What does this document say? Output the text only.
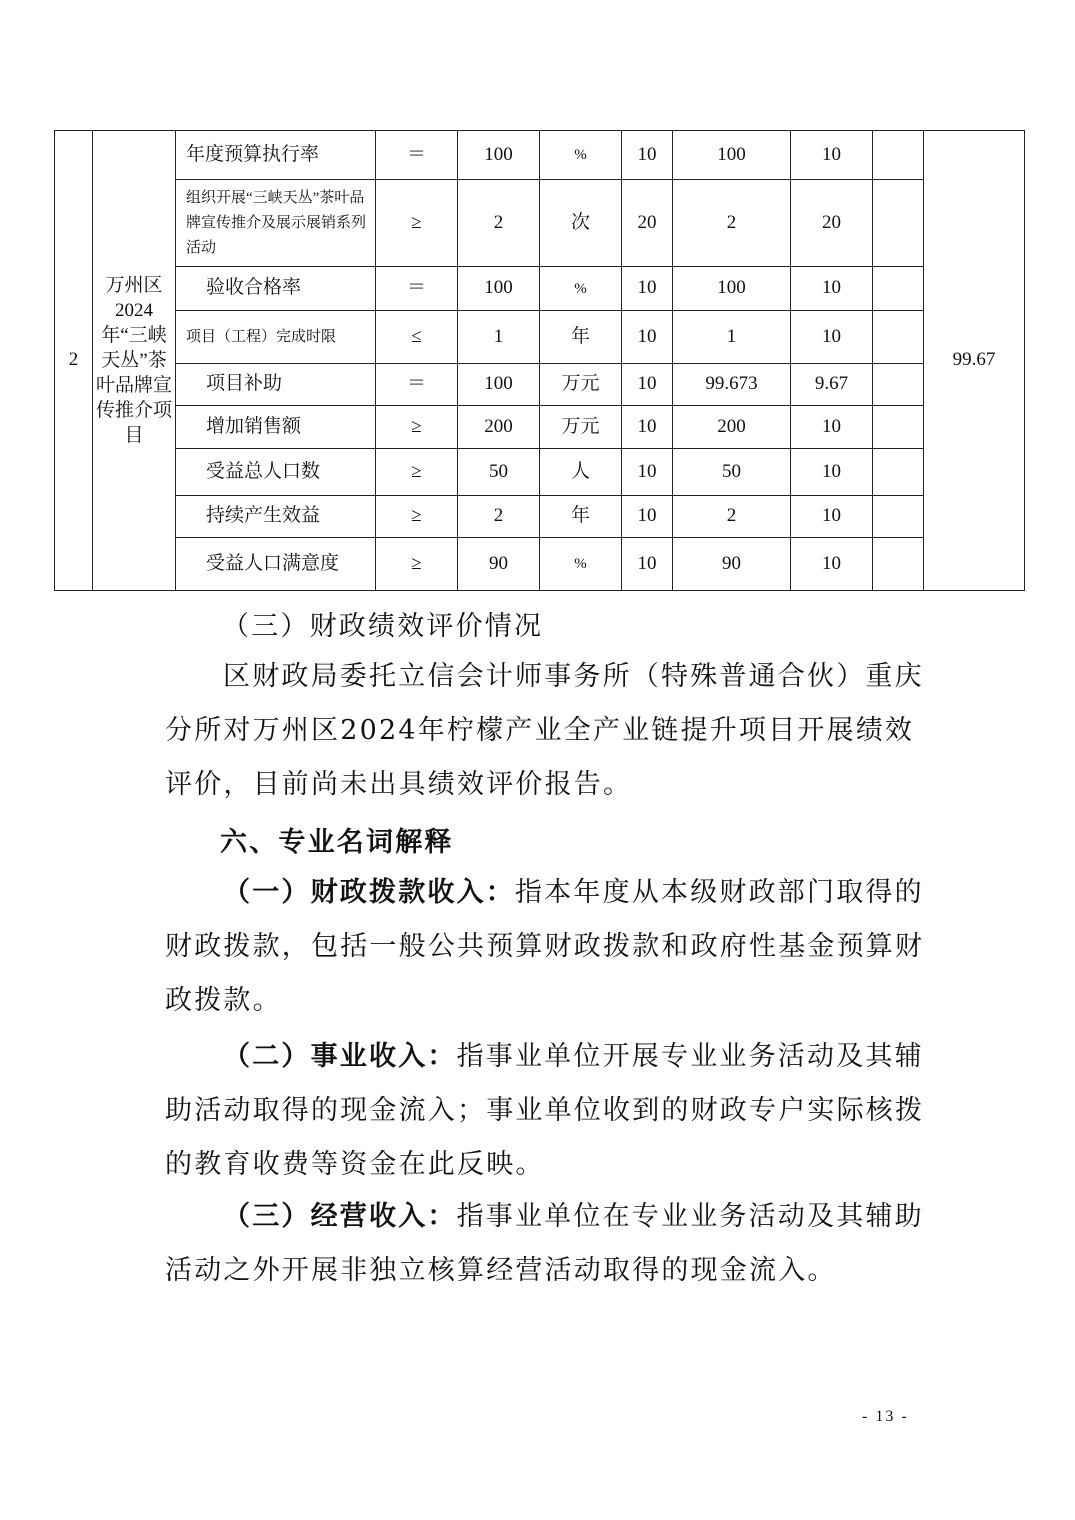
2	万州区2024年“三峡天丛”茶叶品牌宣传推介项目	年度预算执行率	＝	100	%	10	100	10		99.67
		组织开展“三峡天丛”茶叶品牌宣传推介及展示展销系列活动	≥	2	次	20	2	20		
		验收合格率	＝	100	%	10	100	10		
		项目（工程）完成时限	≤	1	年	10	1	10		
		项目补助	＝	100	万元	10	99.673	9.67		
		增加销售额	≥	200	万元	10	200	10		
		受益总人口数	≥	50	人	10	50	10		
		持续产生效益	≥	2	年	10	2	10		
		受益人口满意度	≥	90	%	10	90	10		

（三）财政绩效评价情况

区财政局委托立信会计师事务所（特殊普通合伙）重庆分所对万州区2024年柠檬产业全产业链提升项目开展绩效评价，目前尚未出具绩效评价报告。

六、专业名词解释

（一）财政拨款收入：指本年度从本级财政部门取得的财政拨款，包括一般公共预算财政拨款和政府性基金预算财政拨款。

（二）事业收入：指事业单位开展专业业务活动及其辅助活动取得的现金流入；事业单位收到的财政专户实际核拨的教育收费等资金在此反映。

（三）经营收入：指事业单位在专业业务活动及其辅助活动之外开展非独立核算经营活动取得的现金流入。

- 13 -
